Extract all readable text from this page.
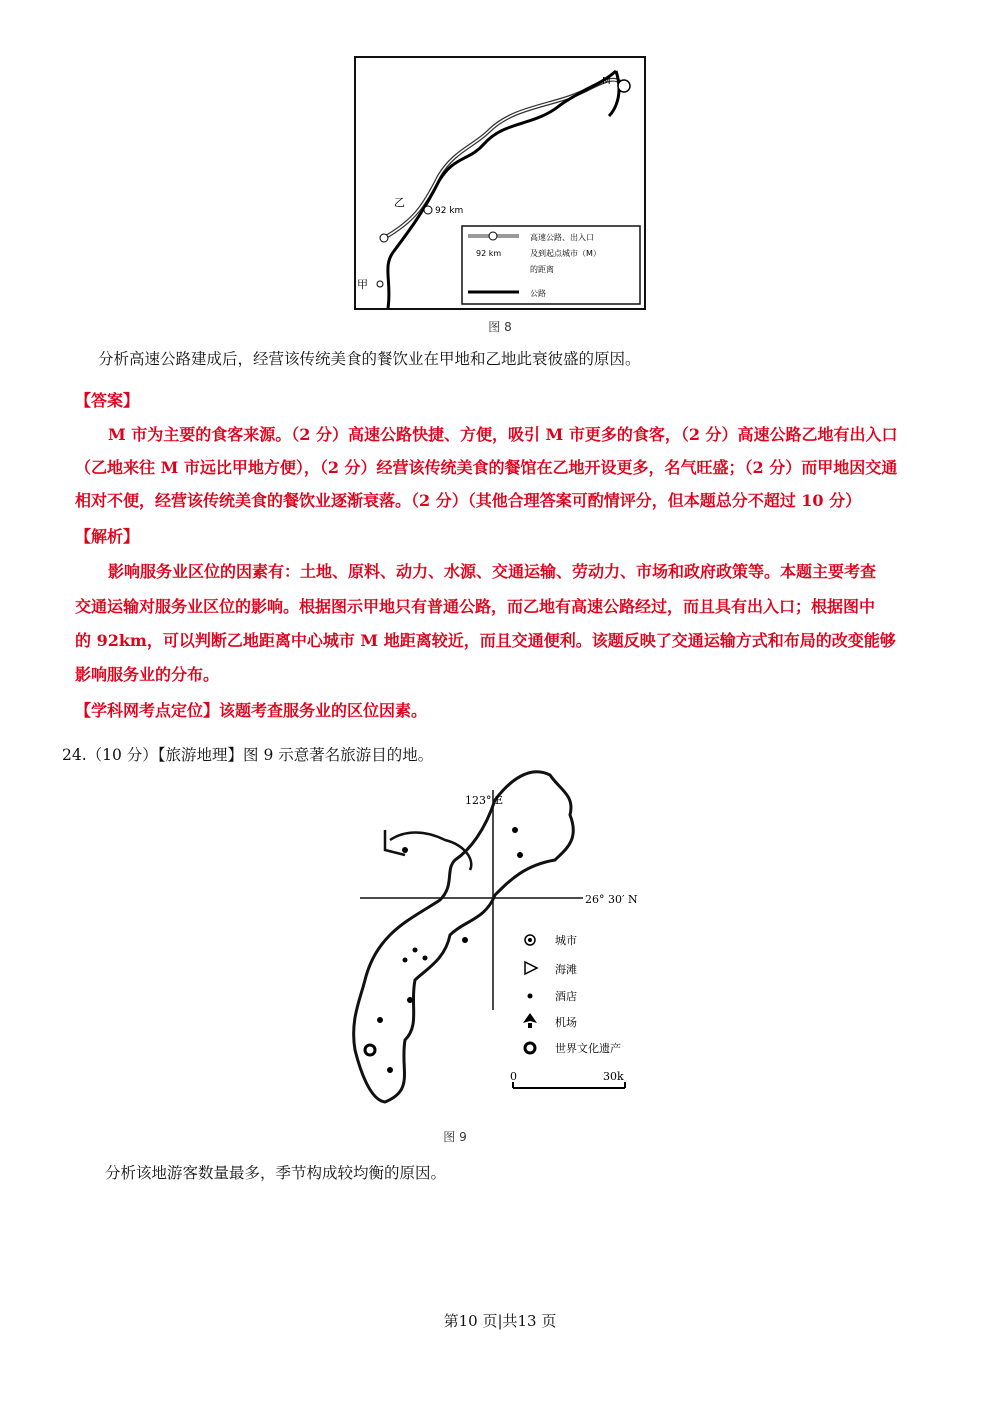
M
乙
92 km
甲
92 km
高速公路、出入口
及到起点城市（M）
的距离
公路
图 8
分析高速公路建成后，经营该传统美食的餐饮业在甲地和乙地此衰彼盛的原因。
【答案】
M 市为主要的食客来源。（2 分）高速公路快捷、方便，吸引 M 市更多的食客，（2 分）高速公路乙地有出入口
（乙地来往 M 市远比甲地方便），（2 分）经营该传统美食的餐馆在乙地开设更多，名气旺盛；（2 分）而甲地因交通
相对不便，经营该传统美食的餐饮业逐渐衰落。（2 分）（其他合理答案可酌情评分，但本题总分不超过 10 分）
【解析】
影响服务业区位的因素有：土地、原料、动力、水源、交通运输、劳动力、市场和政府政策等。本题主要考查
交通运输对服务业区位的影响。根据图示甲地只有普通公路，而乙地有高速公路经过，而且具有出入口；根据图中
的 92km，可以判断乙地距离中心城市 M 地距离较近，而且交通便利。该题反映了交通运输方式和布局的改变能够
影响服务业的分布。
【学科网考点定位】该题考查服务业的区位因素。
24.（10 分）【旅游地理】图 9 示意著名旅游目的地。
123° E
26° 30′ N
城市
海滩
酒店
机场
世界文化遗产
0	30k
图 9
分析该地游客数量最多，季节构成较均衡的原因。
第10 页|共13 页
